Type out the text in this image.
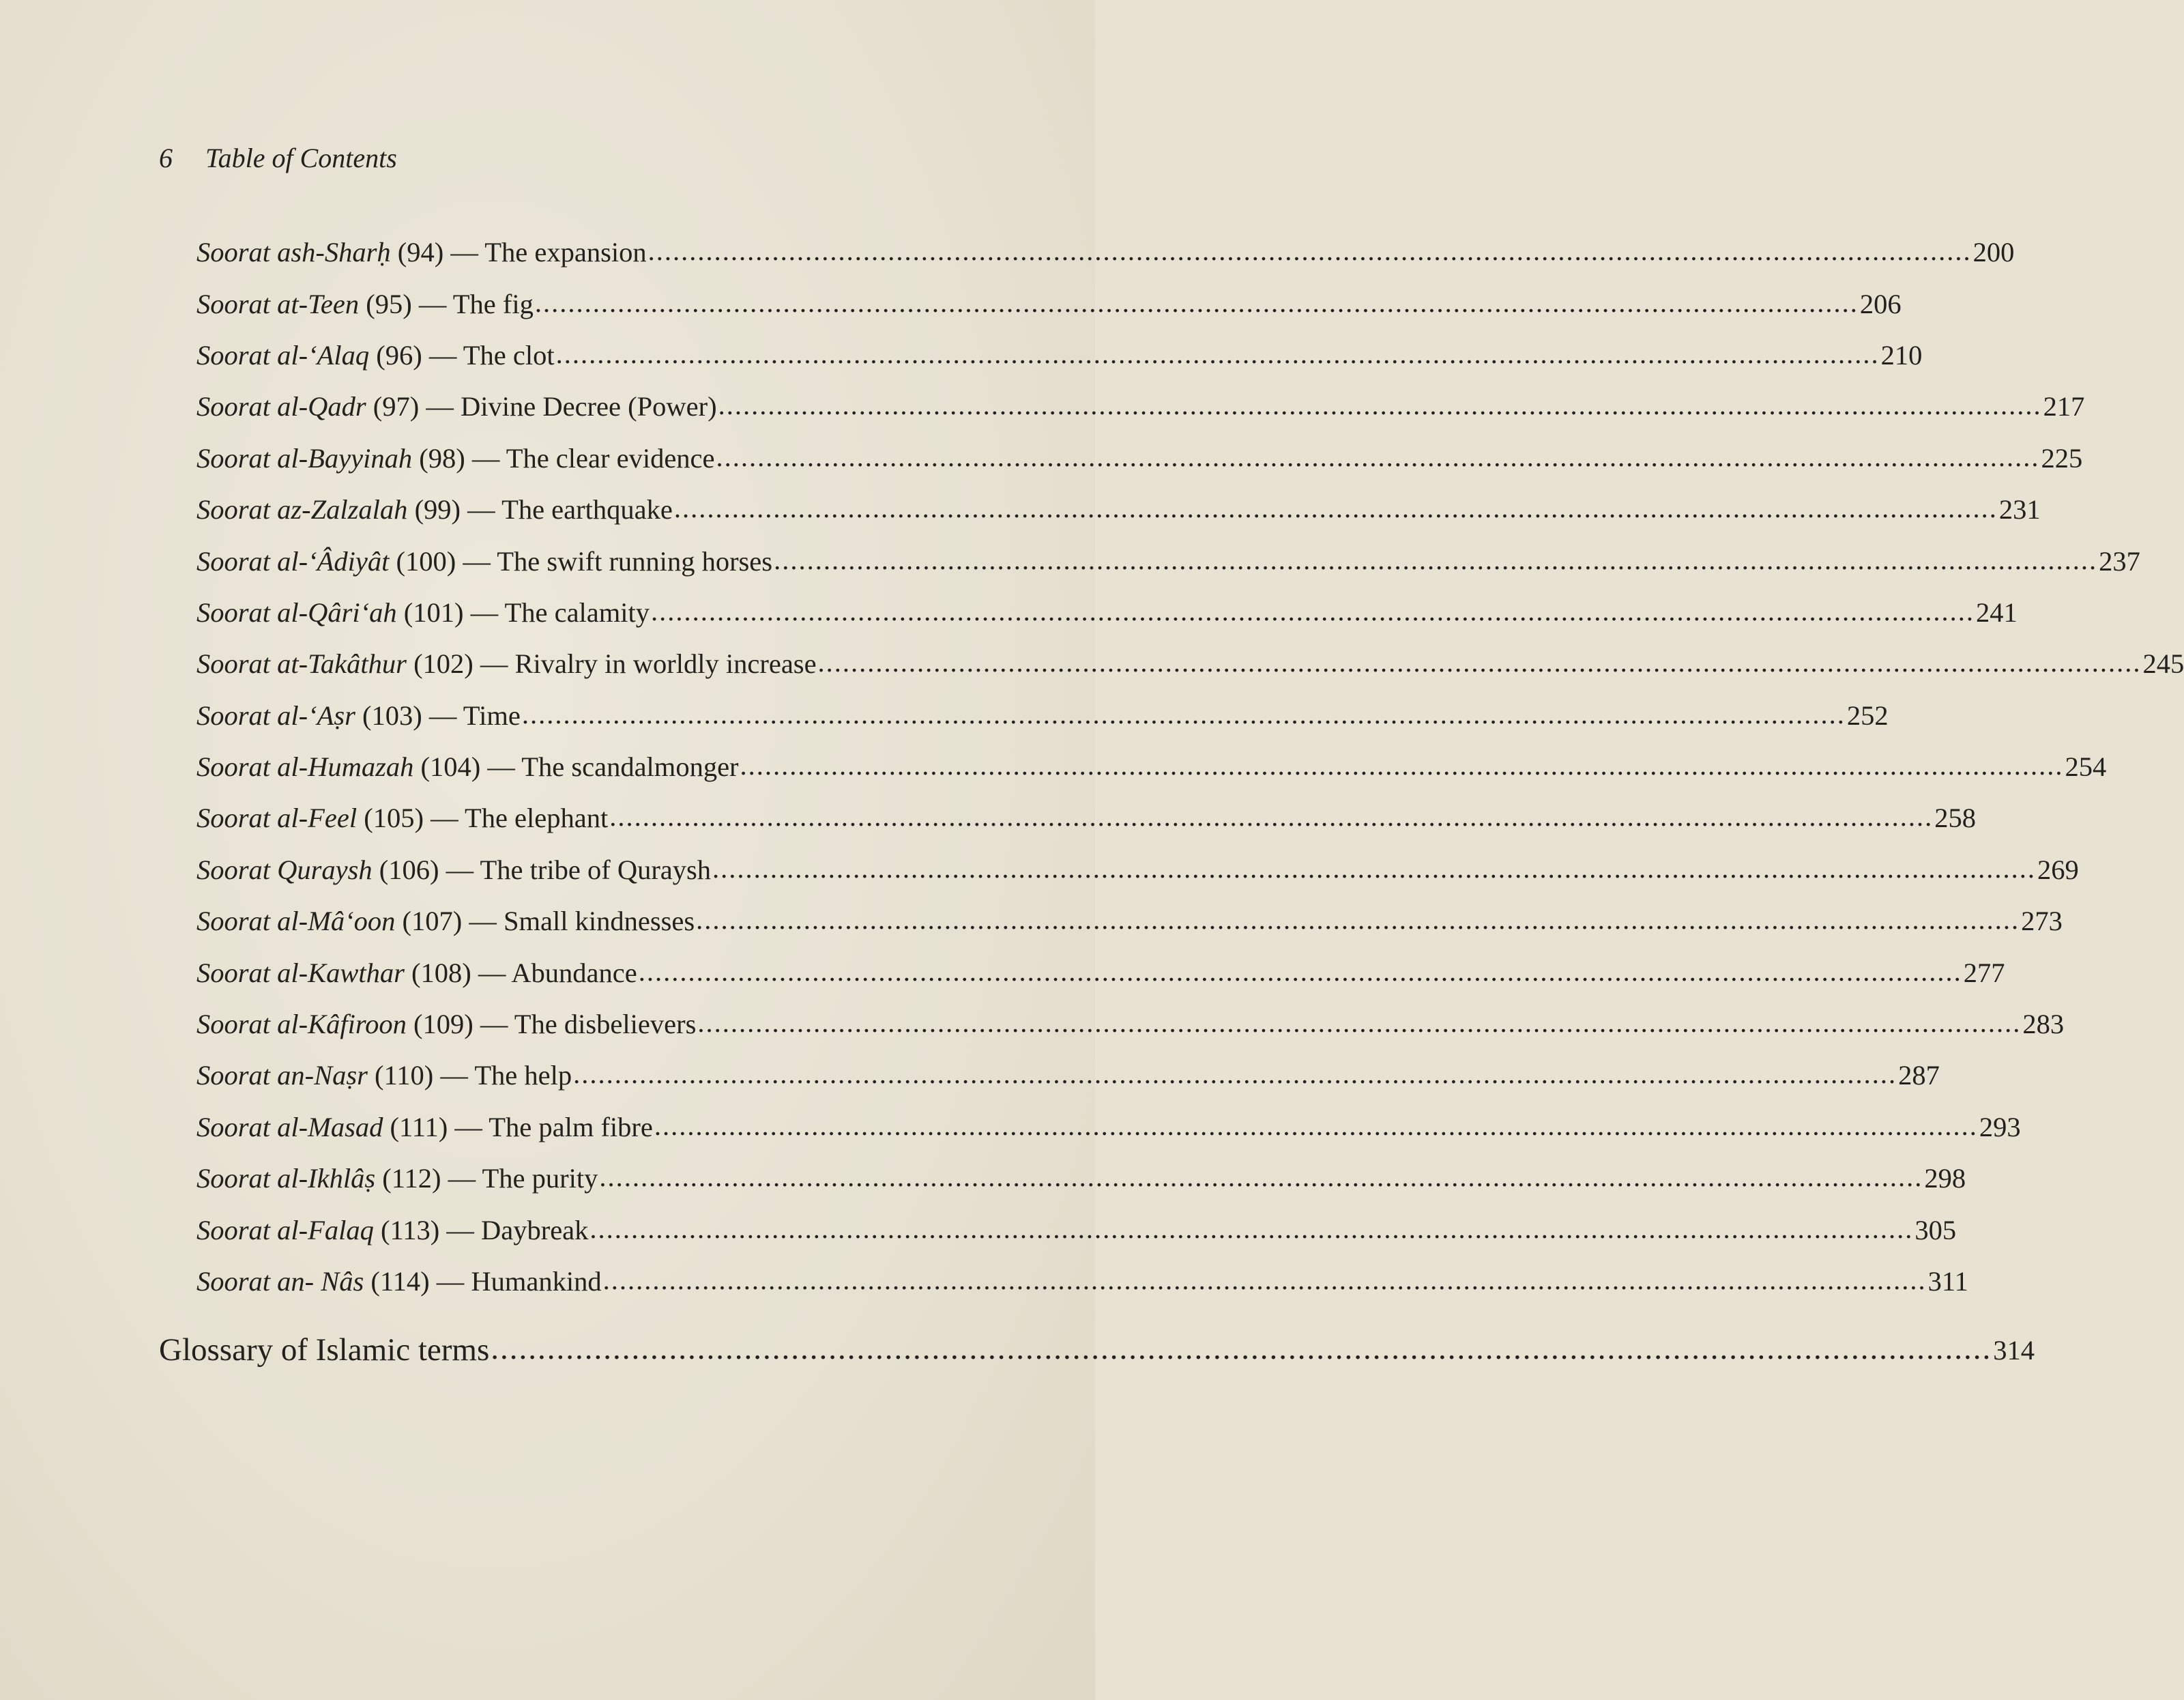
6 Table of Contents
Soorat ash-Sharḥ (94) — The expansion ................................................................................................................................................................ 200
Soorat at-Teen (95) — The fig ................................................................................................................................................................ 206
Soorat al-‘Alaq (96) — The clot ................................................................................................................................................................ 210
Soorat al-Qadr (97) — Divine Decree (Power) ................................................................................................................................................................ 217
Soorat al-Bayyinah (98) — The clear evidence ................................................................................................................................................................ 225
Soorat az-Zalzalah (99) — The earthquake ................................................................................................................................................................ 231
Soorat al-‘Âdiyât (100) — The swift running horses ................................................................................................................................................................ 237
Soorat al-Qâri‘ah (101) — The calamity ................................................................................................................................................................ 241
Soorat at-Takâthur (102) — Rivalry in worldly increase ................................................................................................................................................................ 245
Soorat al-‘Aṣr (103) — Time ................................................................................................................................................................ 252
Soorat al-Humazah (104) — The scandalmonger ................................................................................................................................................................ 254
Soorat al-Feel (105) — The elephant ................................................................................................................................................................ 258
Soorat Quraysh (106) — The tribe of Quraysh ................................................................................................................................................................ 269
Soorat al-Mâ‘oon (107) — Small kindnesses ................................................................................................................................................................ 273
Soorat al-Kawthar (108) — Abundance ................................................................................................................................................................ 277
Soorat al-Kâfiroon (109) — The disbelievers ................................................................................................................................................................ 283
Soorat an-Naṣr (110) — The help ................................................................................................................................................................ 287
Soorat al-Masad (111) — The palm fibre ................................................................................................................................................................ 293
Soorat al-Ikhlâṣ (112) — The purity ................................................................................................................................................................ 298
Soorat al-Falaq (113) — Daybreak ................................................................................................................................................................ 305
Soorat an- Nâs (114) — Humankind ................................................................................................................................................................ 311
Glossary of Islamic terms ................................................................................................................................................................ 314
